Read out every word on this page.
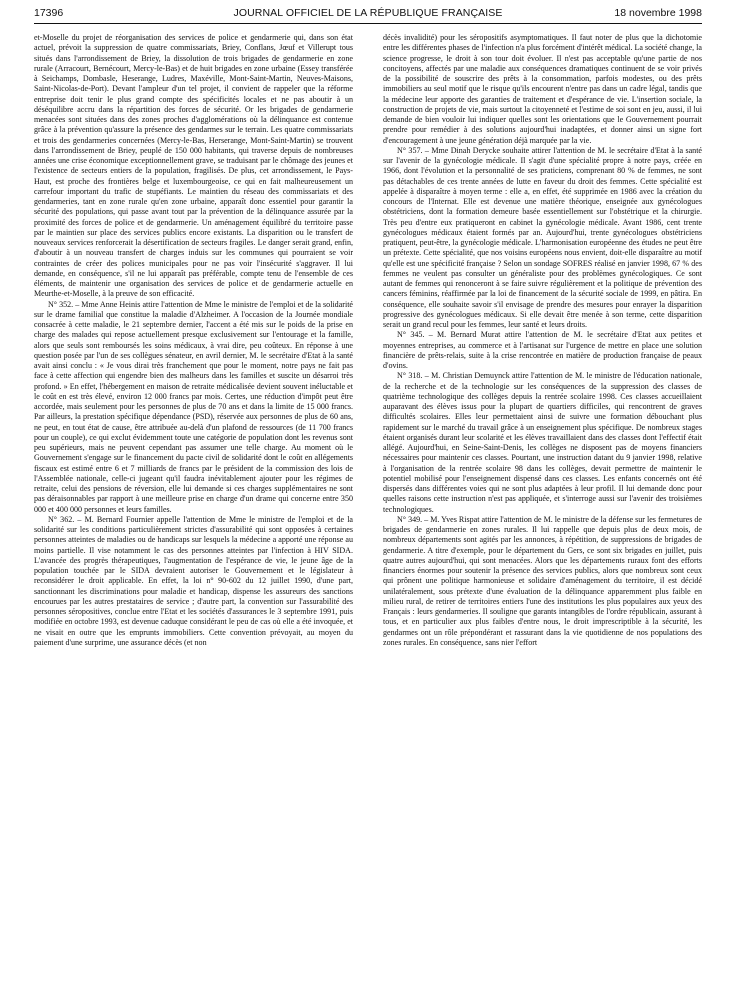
17396	JOURNAL OFFICIEL DE LA RÉPUBLIQUE FRANÇAISE	18 novembre 1998

et-Moselle du projet de réorganisation des services de police et gendarmerie qui, dans son état actuel, prévoit la suppression de quatre commissariats, Briey, Conflans, Jœuf et Villerupt tous situés dans l'arrondissement de Briey, la dissolution de trois brigades de gendarmerie en zone rurale (Arracourt, Bernécourt, Mercy-le-Bas) et de huit brigades en zone urbaine (Essey transférée à Seichamps, Dombasle, Heserange, Ludres, Maxéville, Mont-Saint-Martin, Neuves-Maisons, Saint-Nicolas-de-Port). Devant l'ampleur d'un tel projet, il convient de rappeler que la réforme entreprise doit tenir le plus grand compte des spécificités locales et ne pas aboutir à un déséquilibre accru dans la répartition des forces de sécurité. Or les brigades de gendarmerie menacées sont situées dans des zones proches d'agglomérations où la délinquance est contenue grâce à la prévention qu'assure la présence des gendarmes sur le terrain. Les quatre commissariats et trois des gendarmeries concernées (Mercy-le-Bas, Herserange, Mont-Saint-Martin) se trouvent dans l'arrondissement de Briey, peuplé de 150 000 habitants, qui traverse depuis de nombreuses années une crise économique exceptionnellement grave, se traduisant par le chômage des jeunes et l'existence de secteurs entiers de la population, fragilisés. De plus, cet arrondissement, le Pays-Haut, est proche des frontières belge et luxembourgeoise, ce qui en fait malheureusement un carrefour important du trafic de stupéfiants. Le maintien du réseau des commissariats et des gendarmeries, tant en zone rurale qu'en zone urbaine, apparaît donc essentiel pour garantir la sécurité des populations, qui passe avant tout par la prévention de la délinquance assurée par la proximité des forces de police et de gendarmerie. Un aménagement équilibré du territoire passe par le maintien sur place des services publics encore existants. La disparition ou le transfert de nouveaux services renforcerait la désertification de secteurs fragiles. Le danger serait grand, enfin, d'aboutir à un nouveau transfert de charges induis sur les communes qui pourraient se voir contraintes de créer des polices municipales pour ne pas voir l'insécurité s'aggraver. Il lui demande, en conséquence, s'il ne lui apparaît pas préférable, compte tenu de l'ensemble de ces éléments, de maintenir une organisation des services de police et de gendarmerie actuelle en Meurthe-et-Moselle, à la preuve de son efficacité.

N° 352. – Mme Anne Heinis attire l'attention de Mme le ministre de l'emploi et de la solidarité sur le drame familial que constitue la maladie d'Alzheimer. A l'occasion de la Journée mondiale consacrée à cette maladie, le 21 septembre dernier, l'accent a été mis sur le poids de la prise en charge des malades qui repose actuellement presque exclusivement sur l'entourage et la famille, alors que seuls sont remboursés les soins médicaux, à vrai dire, peu coûteux. En réponse à une question posée par l'un de ses collègues sénateur, en avril dernier, M. le secrétaire d'Etat à la santé avait ainsi conclu : « Je vous dirai très franchement que pour le moment, notre pays ne fait pas face à cette affection qui engendre bien des malheurs dans les familles et suscite un désarroi très profond. » En effet, l'hébergement en maison de retraite médicalisée devient souvent inéluctable et le coût en est très élevé, environ 12 000 francs par mois. Certes, une réduction d'impôt peut être accordée, mais seulement pour les personnes de plus de 70 ans et dans la limite de 15 000 francs. Par ailleurs, la prestation spécifique dépendance (PSD), réservée aux personnes de plus de 60 ans, ne peut, en tout état de cause, être attribuée au-delà d'un plafond de ressources (de 11 700 francs pour un couple), ce qui exclut évidemment toute une catégorie de population dont les revenus sont peu supérieurs, mais ne peuvent cependant pas assumer une telle charge. Au moment où le Gouvernement s'engage sur le financement du pacte civil de solidarité dont le coût en allégements fiscaux est estimé entre 6 et 7 milliards de francs par le président de la commission des lois de l'Assemblée nationale, celle-ci jugeant qu'il faudra inévitablement ajouter pour les régimes de retraite, celui des pensions de réversion, elle lui demande si ces charges supplémentaires ne sont pas déraisonnables par rapport à une meilleure prise en charge d'un drame qui concerne entre 350 000 et 400 000 personnes et leurs familles.

N° 362. – M. Bernard Fournier appelle l'attention de Mme le ministre de l'emploi et de la solidarité sur les conditions particulièrement strictes d'assurabilité qui sont opposées à certaines personnes atteintes de maladies ou de handicaps sur lesquels la médecine a apporté une réponse au moins partielle. Il vise notamment le cas des personnes atteintes par l'infection à HIV SIDA. L'avancée des progrès thérapeutiques, l'augmentation de l'espérance de vie, le jeune âge de la population touchée par le SIDA devraient autoriser le Gouvernement et le législateur à reconsidérer le droit applicable. En effet, la loi n° 90-602 du 12 juillet 1990, d'une part, sanctionnant les discriminations pour maladie et handicap, dispense les assureurs des sanctions encourues par les autres prestataires de service ; d'autre part, la convention sur l'assurabilité des personnes séropositives, conclue entre l'Etat et les sociétés d'assurances le 3 septembre 1991, puis modifiée en octobre 1993, est devenue caduque considérant le peu de cas où elle a été invoquée, et ne visait en outre que les emprunts immobiliers. Cette convention prévoyait, au moyen du paiement d'une surprime, une assurance décès (et non

décès invalidité) pour les séropositifs asymptomatiques. Il faut noter de plus que la dichotomie entre les différentes phases de l'infection n'a plus forcément d'intérêt médical. La société change, la science progresse, le droit à son tour doit évoluer. Il n'est pas acceptable qu'une partie de nos concitoyens, affectés par une maladie aux conséquences dramatiques continuent de se voir privés de la possibilité de souscrire des prêts à la consommation, parfois modestes, ou des prêts immobiliers au seul motif que le risque qu'ils encourent n'entre pas dans un cadre légal, tandis que la médecine leur apporte des garanties de traitement et d'espérance de vie. L'insertion sociale, la construction de projets de vie, mais surtout la citoyenneté et l'estime de soi sont en jeu, aussi, il lui demande de bien vouloir lui indiquer quelles sont les orientations que le Gouvernement pourrait prendre pour remédier à des solutions aujourd'hui inadaptées, et donner ainsi un signe fort d'encouragement à une jeune génération déjà marquée par la vie.

N° 357. – Mme Dinah Derycke souhaite attirer l'attention de M. le secrétaire d'Etat à la santé sur l'avenir de la gynécologie médicale. Il s'agit d'une spécialité propre à notre pays, créée en 1966, dont l'évolution et la personnalité de ses praticiens, comprenant 80 % de femmes, ne sont pas détachables de ces trente années de lutte en faveur du droit des femmes. Cette spécialité est appelée à disparaître à moyen terme : elle a, en effet, été supprimée en 1986 avec la création du concours de l'Internat. Elle est devenue une matière théorique, enseignée aux gynécologues obstétriciens, dont la formation demeure basée essentiellement sur l'obstétrique et la chirurgie. Très peu d'entre eux pratiqueront en cabinet la gynécologie médicale. Avant 1986, cent trente gynécologues médicaux étaient formés par an. Aujourd'hui, trente gynécologues obstétriciens pratiquent, peut-être, la gynécologie médicale. L'harmonisation européenne des études ne peut être un prétexte. Cette spécialité, que nos voisins européens nous envient, doit-elle disparaître au motif qu'elle est une spécificité française ? Selon un sondage SOFRES réalisé en janvier 1998, 67 % des femmes ne veulent pas consulter un généraliste pour des problèmes gynécologiques. Ce sont autant de femmes qui renonceront à se faire suivre régulièrement et la politique de prévention des cancers féminins, réaffirmée par la loi de financement de la sécurité sociale de 1999, en pâtira. En conséquence, elle souhaite savoir s'il envisage de prendre des mesures pour enrayer la disparition progressive des gynécologues médicaux. Si elle devait être menée à son terme, cette disparition serait un grand recul pour les femmes, leur santé et leurs droits.

N° 345. – M. Bernard Murat attire l'attention de M. le secrétaire d'Etat aux petites et moyennes entreprises, au commerce et à l'artisanat sur l'urgence de mettre en place une solution financière de prêts-relais, suite à la crise rencontrée en matière de production française de peaux d'ovins.

N° 318. – M. Christian Demuynck attire l'attention de M. le ministre de l'éducation nationale, de la recherche et de la technologie sur les conséquences de la suppression des classes de quatrième technologique des collèges depuis la rentrée scolaire 1998. Ces classes accueillaient auparavant des élèves issus pour la plupart de quartiers difficiles, qui rencontrent de graves difficultés scolaires. Elles leur permettaient ainsi de suivre une formation débouchant plus rapidement sur le marché du travail grâce à un enseignement plus spécifique. De nombreux stages étaient organisés durant leur scolarité et les élèves travaillaient dans des classes dont l'effectif était allégé. Aujourd'hui, en Seine-Saint-Denis, les collèges ne disposent pas de moyens financiers nécessaires pour maintenir ces classes. Pourtant, une instruction datant du 9 janvier 1998, relative à l'organisation de la rentrée scolaire 98 dans les collèges, devait permettre de maintenir le potentiel mobilisé pour l'enseignement dispensé dans ces classes. Les enfants concernés ont été dispersés dans différentes voies qui ne sont plus adaptées à leur profil. Il lui demande donc pour quelles raisons cette instruction n'est pas appliquée, et s'interroge aussi sur l'avenir des troisièmes technologiques.

N° 349. – M. Yves Rispat attire l'attention de M. le ministre de la défense sur les fermetures de brigades de gendarmerie en zones rurales. Il lui rappelle que depuis plus de deux mois, de nombreux départements sont agités par les annonces, à répétition, de suppressions de brigades de gendarmerie. A titre d'exemple, pour le département du Gers, ce sont six brigades en juillet, puis quatre autres aujourd'hui, qui sont menacées. Alors que les départements ruraux font des efforts financiers énormes pour soutenir la présence des services publics, alors que nombreux sont ceux qui prônent une politique harmonieuse et solidaire d'aménagement du territoire, il est décidé unilatéralement, sous prétexte d'une évaluation de la délinquance apparemment plus faible en milieu rural, de retirer de territoires entiers l'une des institutions les plus populaires aux yeux des Français : leurs gendarmeries. Il souligne que garants intangibles de l'ordre républicain, assurant à tous, et en particulier aux plus faibles d'entre nous, le droit imprescriptible à la sécurité, les gendarmes ont un rôle prépondérant et rassurant dans la vie quotidienne de nos populations des zones rurales. En conséquence, sans nier l'effort
